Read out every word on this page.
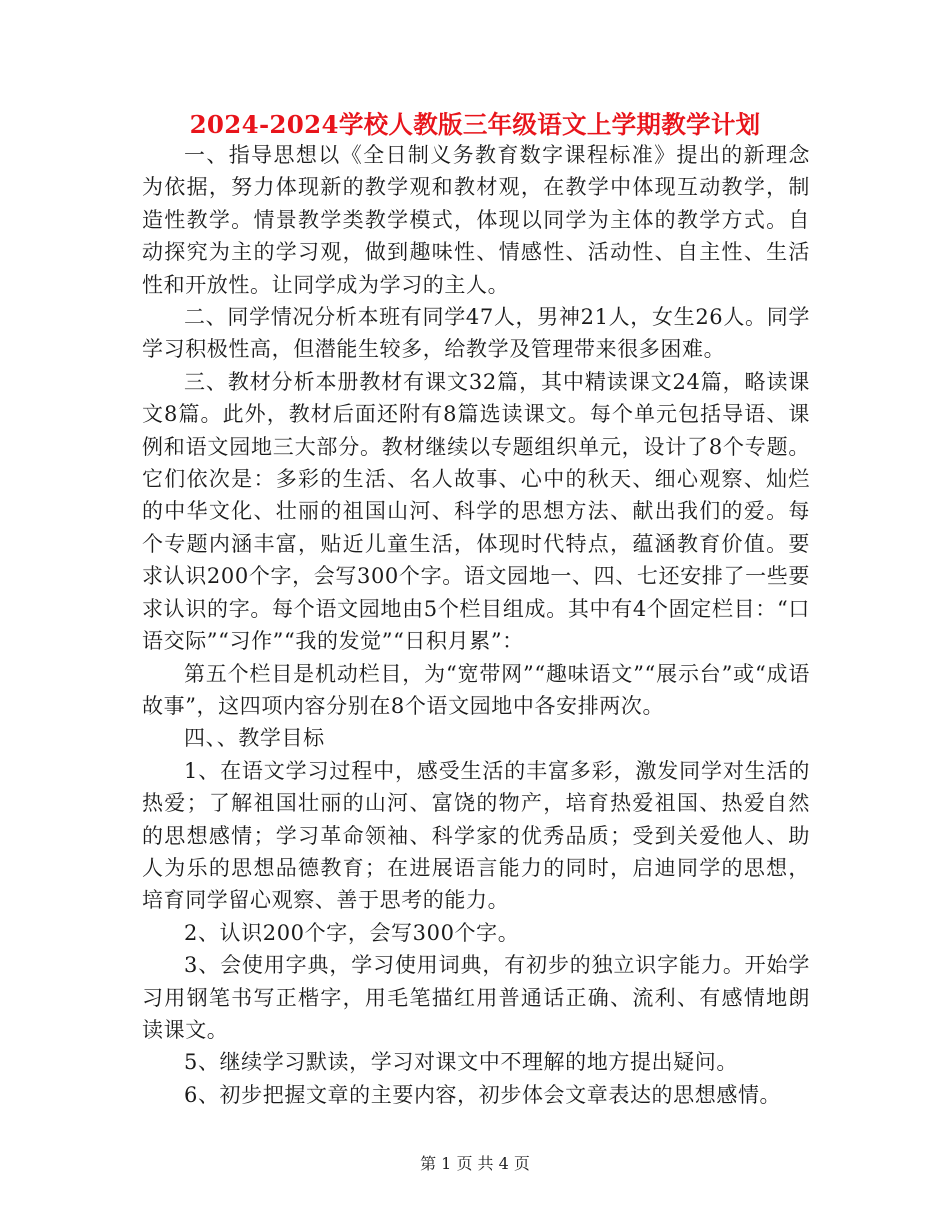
2024-2024学校人教版三年级语文上学期教学计划

一、指导思想以《全日制义务教育数字课程标准》提出的新理念为依据，努力体现新的教学观和教材观，在教学中体现互动教学，制造性教学。情景教学类教学模式，体现以同学为主体的教学方式。自动探究为主的学习观，做到趣味性、情感性、活动性、自主性、生活性和开放性。让同学成为学习的主人。

二、同学情况分析本班有同学47人，男神21人，女生26人。同学学习积极性高，但潜能生较多，给教学及管理带来很多困难。

三、教材分析本册教材有课文32篇，其中精读课文24篇，略读课文8篇。此外，教材后面还附有8篇选读课文。每个单元包括导语、课例和语文园地三大部分。教材继续以专题组织单元，设计了8个专题。它们依次是：多彩的生活、名人故事、心中的秋天、细心观察、灿烂的中华文化、壮丽的祖国山河、科学的思想方法、献出我们的爱。每个专题内涵丰富，贴近儿童生活，体现时代特点，蕴涵教育价值。要求认识200个字，会写300个字。语文园地一、四、七还安排了一些要求认识的字。每个语文园地由5个栏目组成。其中有4个固定栏目：“口语交际”“习作”“我的发觉”“日积月累”：

第五个栏目是机动栏目，为“宽带网”“趣味语文”“展示台”或“成语故事”，这四项内容分别在8个语文园地中各安排两次。

四、、教学目标

1、在语文学习过程中，感受生活的丰富多彩，激发同学对生活的热爱；了解祖国壮丽的山河、富饶的物产，培育热爱祖国、热爱自然的思想感情；学习革命领袖、科学家的优秀品质；受到关爱他人、助人为乐的思想品德教育；在进展语言能力的同时，启迪同学的思想，培育同学留心观察、善于思考的能力。

2、认识200个字，会写300个字。

3、会使用字典，学习使用词典，有初步的独立识字能力。开始学习用钢笔书写正楷字，用毛笔描红用普通话正确、流利、有感情地朗读课文。

5、继续学习默读，学习对课文中不理解的地方提出疑问。

6、初步把握文章的主要内容，初步体会文章表达的思想感情。

第 1 页 共 4 页
